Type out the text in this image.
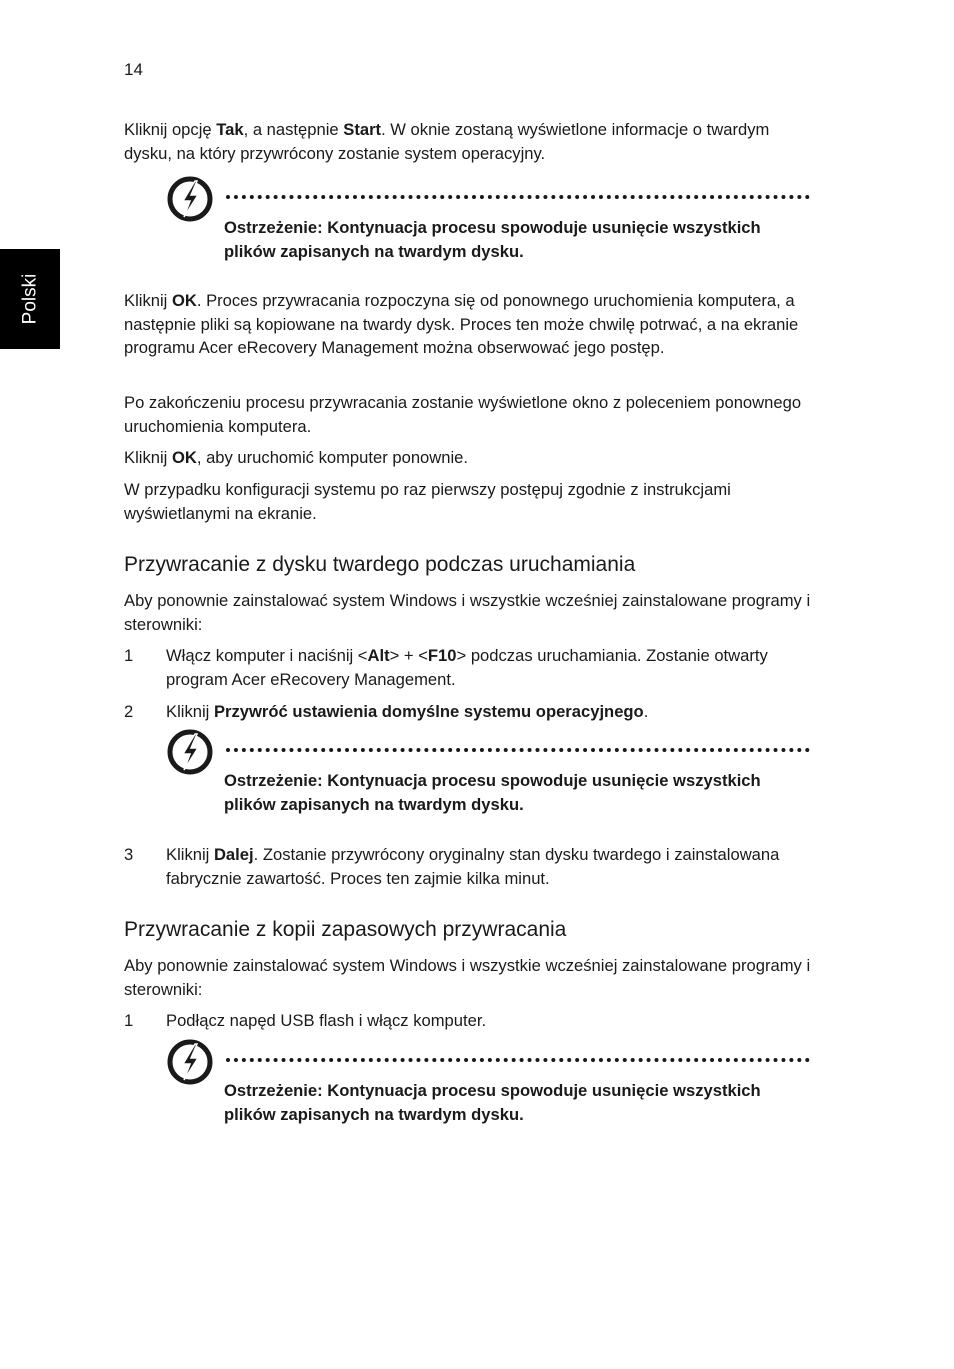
14
Polski

Kliknij opcję Tak, a następnie Start. W oknie zostaną wyświetlone informacje o twardym dysku, na który przywrócony zostanie system operacyjny.

Ostrzeżenie: Kontynuacja procesu spowoduje usunięcie wszystkich plików zapisanych na twardym dysku.

Kliknij OK. Proces przywracania rozpoczyna się od ponownego uruchomienia komputera, a następnie pliki są kopiowane na twardy dysk. Proces ten może chwilę potrwać, a na ekranie programu Acer eRecovery Management można obserwować jego postęp.

Po zakończeniu procesu przywracania zostanie wyświetlone okno z poleceniem ponownego uruchomienia komputera.

Kliknij OK, aby uruchomić komputer ponownie.

W przypadku konfiguracji systemu po raz pierwszy postępuj zgodnie z instrukcjami wyświetlanymi na ekranie.

Przywracanie z dysku twardego podczas uruchamiania

Aby ponownie zainstalować system Windows i wszystkie wcześniej zainstalowane programy i sterowniki:

1 Włącz komputer i naciśnij <Alt> + <F10> podczas uruchamiania. Zostanie otwarty program Acer eRecovery Management.

2 Kliknij Przywróć ustawienia domyślne systemu operacyjnego.

Ostrzeżenie: Kontynuacja procesu spowoduje usunięcie wszystkich plików zapisanych na twardym dysku.

3 Kliknij Dalej. Zostanie przywrócony oryginalny stan dysku twardego i zainstalowana fabrycznie zawartość. Proces ten zajmie kilka minut.

Przywracanie z kopii zapasowych przywracania

Aby ponownie zainstalować system Windows i wszystkie wcześniej zainstalowane programy i sterowniki:

1 Podłącz napęd USB flash i włącz komputer.

Ostrzeżenie: Kontynuacja procesu spowoduje usunięcie wszystkich plików zapisanych na twardym dysku.
